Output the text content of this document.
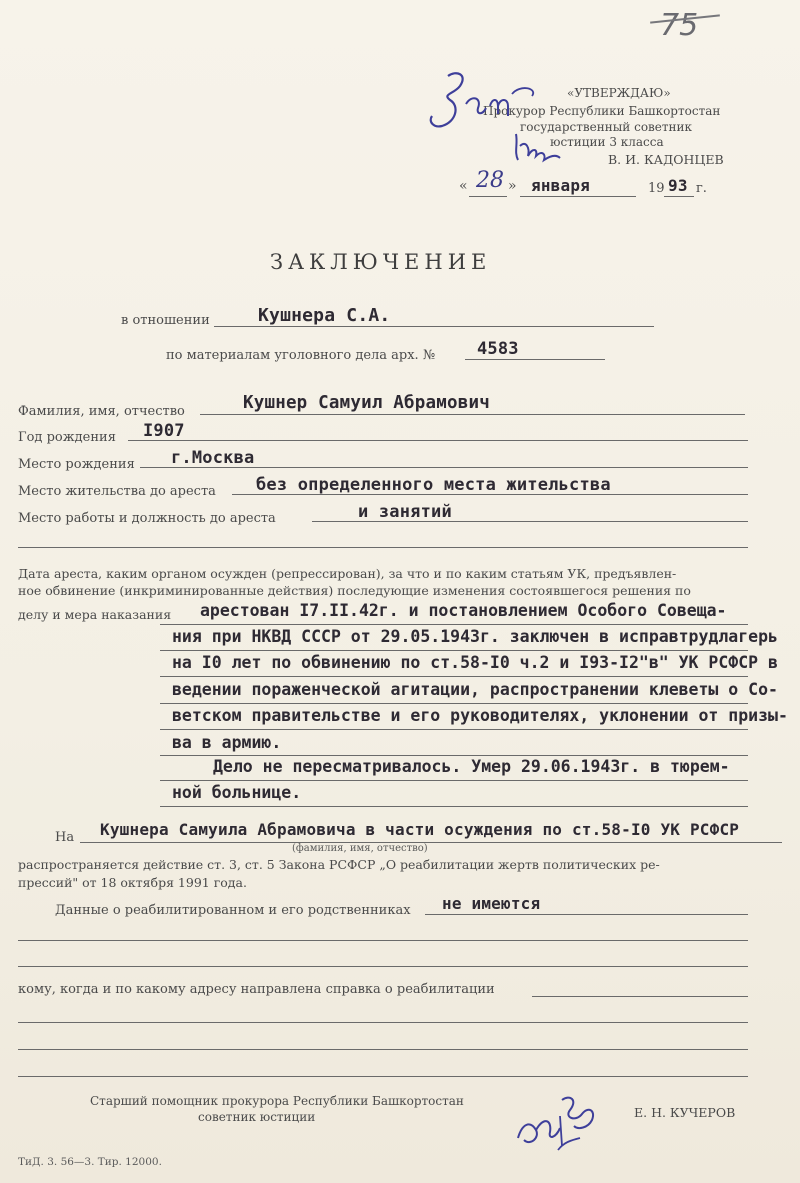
75
«УТВЕРЖДАЮ»
Прокурор Республики Башкортостан
государственный советник
юстиции 3 класса
В. И. КАДОНЦЕВ
« 28 » января	19 93 г.
ЗАКЛЮЧЕНИЕ
в отношении	Кушнера С.А.
по материалам уголовного дела арх. № 4583
Фамилия, имя, отчество	Кушнер Самуил Абрамович
Год рождения I907
Место рождения г.Москва
Место жительства до ареста без определенного места жительства
Место работы и должность до ареста	и занятий
Дата ареста, каким органом осужден (репрессирован), за что и по каким статьям УК, предъявлен-
ное обвинение (инкриминированные действия) последующие изменения состоявшегося решения по
делу и мера наказания арестован I7.II.42г. и постановлением Особого Совеща-
ния при НКВД СССР от 29.05.1943г. заключен в исправтрудлагерь
на I0 лет по обвинению по ст.58-I0 ч.2 и I93-I2"в" УК РСФСР в
ведении пораженческой агитации, распространении клеветы о Со-
ветском правительстве и его руководителях, уклонении от призы-
ва в армию.
Дело не пересматривалось. Умер 29.06.1943г. в тюрем-
ной больнице.
На Кушнера Самуила Абрамовича в части осуждения по ст.58-I0 УК РСФСР
(фамилия, имя, отчество)
распространяется действие ст. 3, ст. 5 Закона РСФСР „О реабилитации жертв политических ре-
прессий" от 18 октября 1991 года.
Данные о реабилитированном и его родственниках не имеются
кому, когда и по какому адресу направлена справка о реабилитации
Старший помощник прокурора Республики Башкортостан
советник юстиции	Е. Н. КУЧЕРОВ
ТиД. 3. 56—3. Тир. 12000.
